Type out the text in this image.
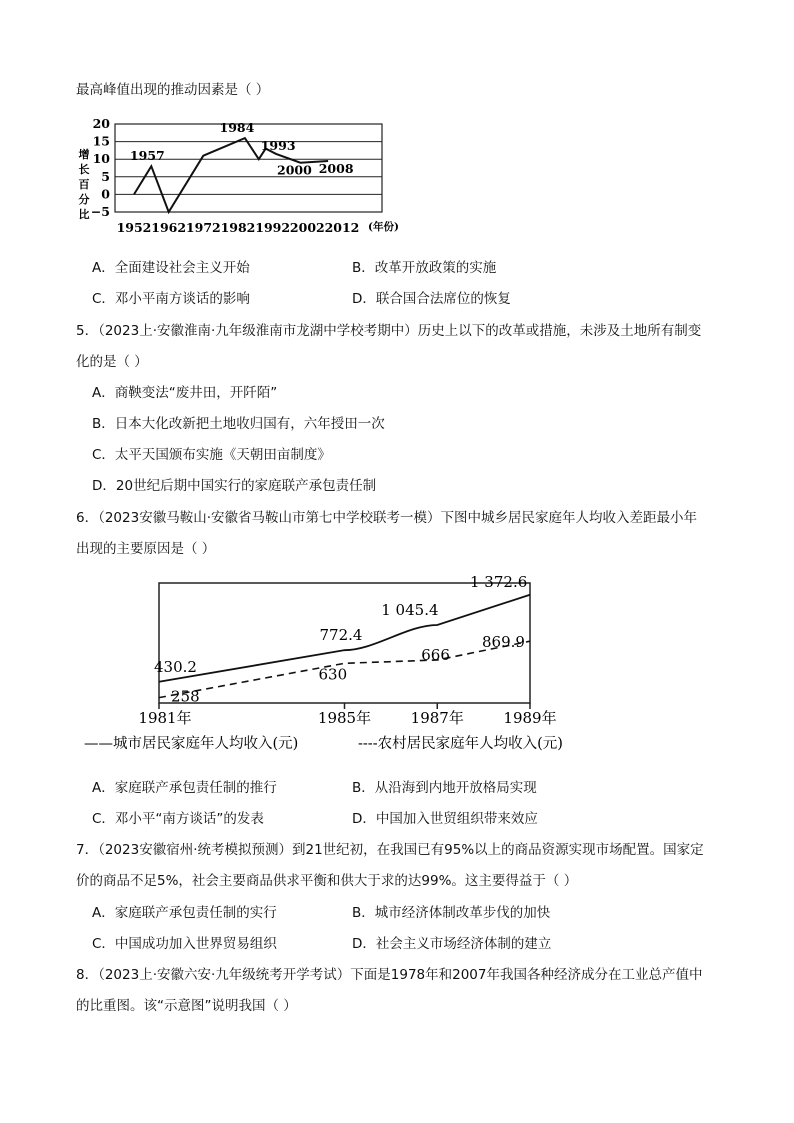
最高峰值出现的推动因素是（ ）
增
长
百
分
比
20
15
10
5
0
−5
1952 1962 1972 1982 1992 2002 2012 (年份)
1957
1984
1993
2000 2008
A．全面建设社会主义开始	B．改革开放政策的实施
C．邓小平南方谈话的影响	D．联合国合法席位的恢复
5．（2023上·安徽淮南·九年级淮南市龙湖中学校考期中）历史上以下的改革或措施，未涉及土地所有制变
化的是（ ）
A．商鞅变法“废井田，开阡陌”
B．日本大化改新把土地收归国有，六年授田一次
C．太平天国颁布实施《天朝田亩制度》
D．20世纪后期中国实行的家庭联产承包责任制
6．（2023安徽马鞍山·安徽省马鞍山市第七中学校联考一模）下图中城乡居民家庭年人均收入差距最小年
出现的主要原因是（ ）
430.2
772.4
1 045.4
1 372.6
258
630
666
869.9
1981年	1985年	1987年	1989年
——城市居民家庭年人均收入(元)	----农村居民家庭年人均收入(元)
A．家庭联产承包责任制的推行	B．从沿海到内地开放格局实现
C．邓小平“南方谈话”的发表	D．中国加入世贸组织带来效应
7．（2023安徽宿州·统考模拟预测）到21世纪初，在我国已有95%以上的商品资源实现市场配置。国家定
价的商品不足5%，社会主要商品供求平衡和供大于求的达99%。这主要得益于（ ）
A．家庭联产承包责任制的实行	B．城市经济体制改革步伐的加快
C．中国成功加入世界贸易组织	D．社会主义市场经济体制的建立
8．（2023上·安徽六安·九年级统考开学考试）下面是1978年和2007年我国各种经济成分在工业总产值中
的比重图。该“示意图”说明我国（ ）
